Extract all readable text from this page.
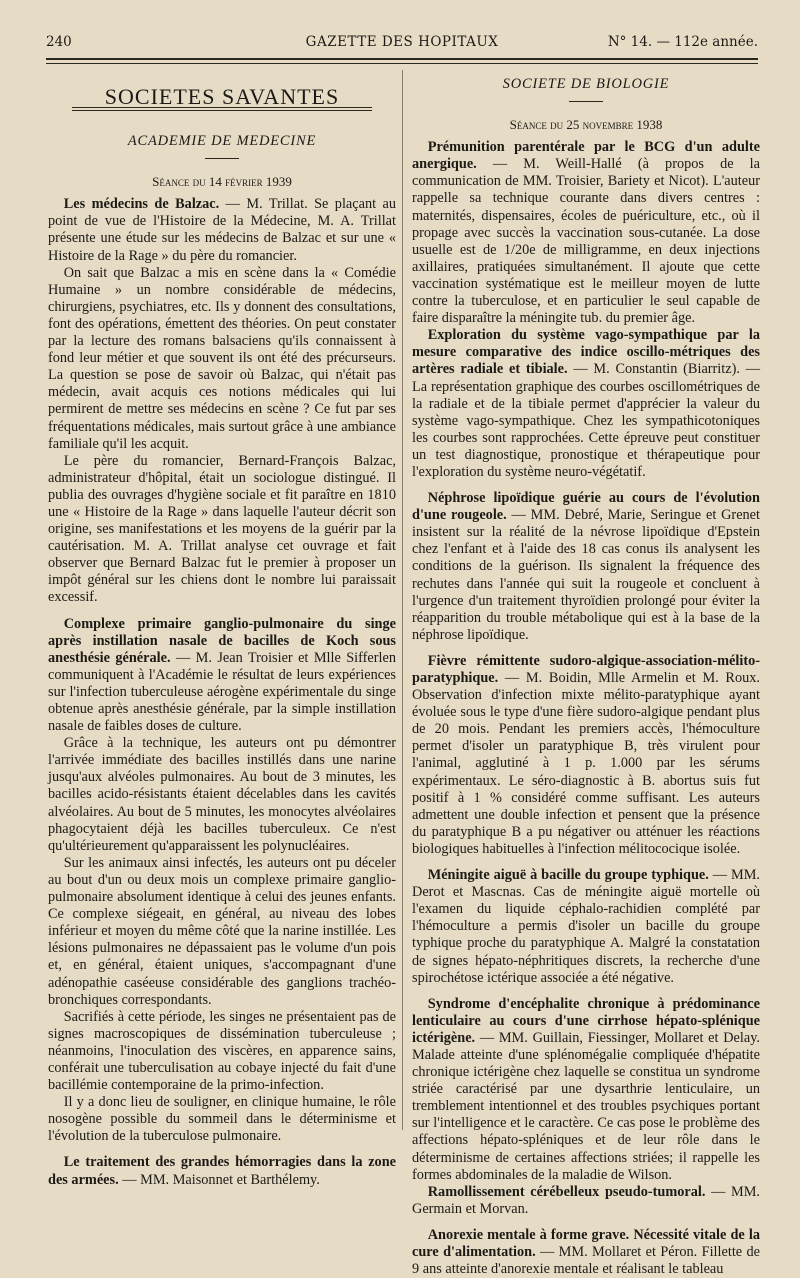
240	GAZETTE DES HOPITAUX	N° 14. — 112e année.
SOCIETES SAVANTES
ACADEMIE DE MEDECINE
Séance du 14 février 1939

Les médecins de Balzac. — M. Trillat. Se plaçant au point de vue de l'Histoire de la Médecine, M. A. Trillat présente une étude sur les médecins de Balzac et sur une « Histoire de la Rage » du père du romancier.

On sait que Balzac a mis en scène dans la « Comédie Humaine » un nombre considérable de médecins, chirurgiens, psychiatres, etc. Ils y donnent des consultations, font des opérations, émettent des théories. On peut constater par la lecture des romans balsaciens qu'ils connaissent à fond leur métier et que souvent ils ont été des précurseurs. La question se pose de savoir où Balzac, qui n'était pas médecin, avait acquis ces notions médicales qui lui permirent de mettre ses médecins en scène ? Ce fut par ses fréquentations médicales, mais surtout grâce à une ambiance familiale qu'il les acquit.

Le père du romancier, Bernard-François Balzac, administrateur d'hôpital, était un sociologue distingué. Il publia des ouvrages d'hygiène sociale et fit paraître en 1810 une « Histoire de la Rage » dans laquelle l'auteur décrit son origine, ses manifestations et les moyens de la guérir par la cautérisation. M. A. Trillat analyse cet ouvrage et fait observer que Bernard Balzac fut le premier à proposer un impôt général sur les chiens dont le nombre lui paraissait excessif.

Complexe primaire ganglio-pulmonaire du singe après instillation nasale de bacilles de Koch sous anesthésie générale. — M. Jean Troisier et Mlle Sifferlen communiquent à l'Académie le résultat de leurs expériences sur l'infection tuberculeuse aérogène expérimentale du singe obtenue après anesthésie générale, par la simple instillation nasale de faibles doses de culture.

Grâce à la technique, les auteurs ont pu démontrer l'arrivée immédiate des bacilles instillés dans une narine jusqu'aux alvéoles pulmonaires. Au bout de 3 minutes, les bacilles acido-résistants étaient décelables dans les cavités alvéolaires. Au bout de 5 minutes, les monocytes alvéolaires phagocytaient déjà les bacilles tuberculeux. Ce n'est qu'ultérieurement qu'apparaissent les polynucléaires.

Sur les animaux ainsi infectés, les auteurs ont pu déceler au bout d'un ou deux mois un complexe primaire ganglio-pulmonaire absolument identique à celui des jeunes enfants. Ce complexe siégeait, en général, au niveau des lobes inférieur et moyen du même côté que la narine instillée. Les lésions pulmonaires ne dépassaient pas le volume d'un pois et, en général, étaient uniques, s'accompagnant d'une adénopathie caséeuse considérable des ganglions trachéo-bronchiques correspondants.

Sacrifiés à cette période, les singes ne présentaient pas de signes macroscopiques de dissémination tuberculeuse ; néanmoins, l'inoculation des viscères, en apparence sains, conférait une tuberculisation au cobaye injecté du fait d'une bacillémie contemporaine de la primo-infection.

Il y a donc lieu de souligner, en clinique humaine, le rôle nosogène possible du sommeil dans le déterminisme et l'évolution de la tuberculose pulmonaire.

Le traitement des grandes hémorragies dans la zone des armées. — MM. Maisonnet et Barthélemy.

SOCIETE DE BIOLOGIE
Séance du 25 novembre 1938

Prémunition parentérale par le BCG d'un adulte anergique. — M. Weill-Hallé (à propos de la communication de MM. Troisier, Bariety et Nicot). L'auteur rappelle sa technique courante dans divers centres : maternités, dispensaires, écoles de puériculture, etc., où il propage avec succès la vaccination sous-cutanée. La dose usuelle est de 1/20e de milligramme, en deux injections axillaires, pratiquées simultanément. Il ajoute que cette vaccination systématique est le meilleur moyen de lutte contre la tuberculose, et en particulier le seul capable de faire disparaître la méningite tub. du premier âge.

Exploration du système vago-sympathique par la mesure comparative des indice oscillo-métriques des artères radiale et tibiale. — M. Constantin (Biarritz). — La représentation graphique des courbes oscillométriques de la radiale et de la tibiale permet d'apprécier la valeur du système vago-sympathique. Chez les sympathicotoniques les courbes sont rapprochées. Cette épreuve peut constituer un test diagnostique, pronostique et thérapeutique pour l'exploration du système neuro-végétatif.

Néphrose lipoïdique guérie au cours de l'évolution d'une rougeole. — MM. Debré, Marie, Seringue et Grenet insistent sur la réalité de la névrose lipoïdique d'Epstein chez l'enfant et à l'aide des 18 cas conus ils analysent les conditions de la guérison. Ils signalent la fréquence des rechutes dans l'année qui suit la rougeole et concluent à l'urgence d'un traitement thyroïdien prolongé pour éviter la réapparition du trouble métabolique qui est à la base de la néphrose lipoïdique.

Fièvre rémittente sudoro-algique-association-mélito-paratyphique. — M. Boidin, Mlle Armelin et M. Roux. Observation d'infection mixte mélito-paratyphique ayant évoluée sous le type d'une fière sudoro-algique pendant plus de 20 mois. Pendant les premiers accès, l'hémoculture permet d'isoler un paratyphique B, très virulent pour l'animal, agglutiné à 1 p. 1.000 par les sérums expérimentaux. Le séro-diagnostic à B. abortus suis fut positif à 1 % considéré comme suffisant. Les auteurs admettent une double infection et pensent que la présence du paratyphique B a pu négativer ou atténuer les réactions biologiques habituelles à l'infection mélitococique isolée.

Méningite aiguë à bacille du groupe typhique. — MM. Derot et Mascnas. Cas de méningite aiguë mortelle où l'examen du liquide céphalo-rachidien complété par l'hémoculture a permis d'isoler un bacille du groupe typhique proche du paratyphique A. Malgré la constatation de signes hépato-néphritiques discrets, la recherche d'une spirochétose ictérique associée a été négative.

Syndrome d'encéphalite chronique à prédominance lenticulaire au cours d'une cirrhose hépato-splénique ictérigène. — MM. Guillain, Fiessinger, Mollaret et Delay. Malade atteinte d'une splénomégalie compliquée d'hépatite chronique ictérigène chez laquelle se constitua un syndrome striée caractérisé par une dysarthrie lenticulaire, un tremblement intentionnel et des troubles psychiques portant sur l'intelligence et le caractère. Ce cas pose le problème des affections hépato-spléniques et de leur rôle dans le déterminisme de certaines affections striées; il rappelle les formes abdominales de la maladie de Wilson.

Ramollissement cérébelleux pseudo-tumoral. — MM. Germain et Morvan.

Anorexie mentale à forme grave. Nécessité vitale de la cure d'alimentation. — MM. Mollaret et Péron. Fillette de 9 ans atteinte d'anorexie mentale et réalisant le tableau
